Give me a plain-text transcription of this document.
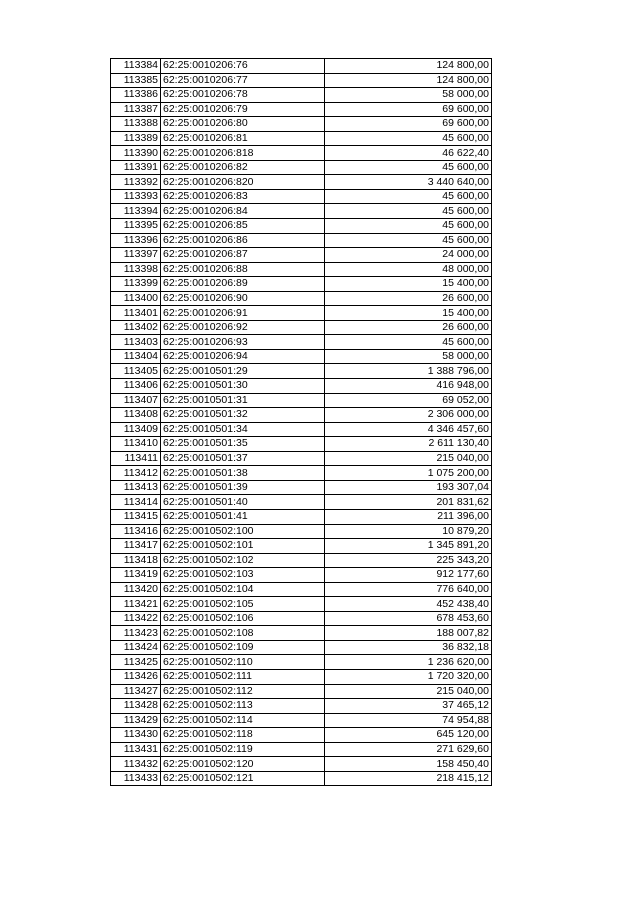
113384	62:25:0010206:76	124 800,00
113385	62:25:0010206:77	124 800,00
113386	62:25:0010206:78	58 000,00
113387	62:25:0010206:79	69 600,00
113388	62:25:0010206:80	69 600,00
113389	62:25:0010206:81	45 600,00
113390	62:25:0010206:818	46 622,40
113391	62:25:0010206:82	45 600,00
113392	62:25:0010206:820	3 440 640,00
113393	62:25:0010206:83	45 600,00
113394	62:25:0010206:84	45 600,00
113395	62:25:0010206:85	45 600,00
113396	62:25:0010206:86	45 600,00
113397	62:25:0010206:87	24 000,00
113398	62:25:0010206:88	48 000,00
113399	62:25:0010206:89	15 400,00
113400	62:25:0010206:90	26 600,00
113401	62:25:0010206:91	15 400,00
113402	62:25:0010206:92	26 600,00
113403	62:25:0010206:93	45 600,00
113404	62:25:0010206:94	58 000,00
113405	62:25:0010501:29	1 388 796,00
113406	62:25:0010501:30	416 948,00
113407	62:25:0010501:31	69 052,00
113408	62:25:0010501:32	2 306 000,00
113409	62:25:0010501:34	4 346 457,60
113410	62:25:0010501:35	2 611 130,40
113411	62:25:0010501:37	215 040,00
113412	62:25:0010501:38	1 075 200,00
113413	62:25:0010501:39	193 307,04
113414	62:25:0010501:40	201 831,62
113415	62:25:0010501:41	211 396,00
113416	62:25:0010502:100	10 879,20
113417	62:25:0010502:101	1 345 891,20
113418	62:25:0010502:102	225 343,20
113419	62:25:0010502:103	912 177,60
113420	62:25:0010502:104	776 640,00
113421	62:25:0010502:105	452 438,40
113422	62:25:0010502:106	678 453,60
113423	62:25:0010502:108	188 007,82
113424	62:25:0010502:109	36 832,18
113425	62:25:0010502:110	1 236 620,00
113426	62:25:0010502:111	1 720 320,00
113427	62:25:0010502:112	215 040,00
113428	62:25:0010502:113	37 465,12
113429	62:25:0010502:114	74 954,88
113430	62:25:0010502:118	645 120,00
113431	62:25:0010502:119	271 629,60
113432	62:25:0010502:120	158 450,40
113433	62:25:0010502:121	218 415,12
